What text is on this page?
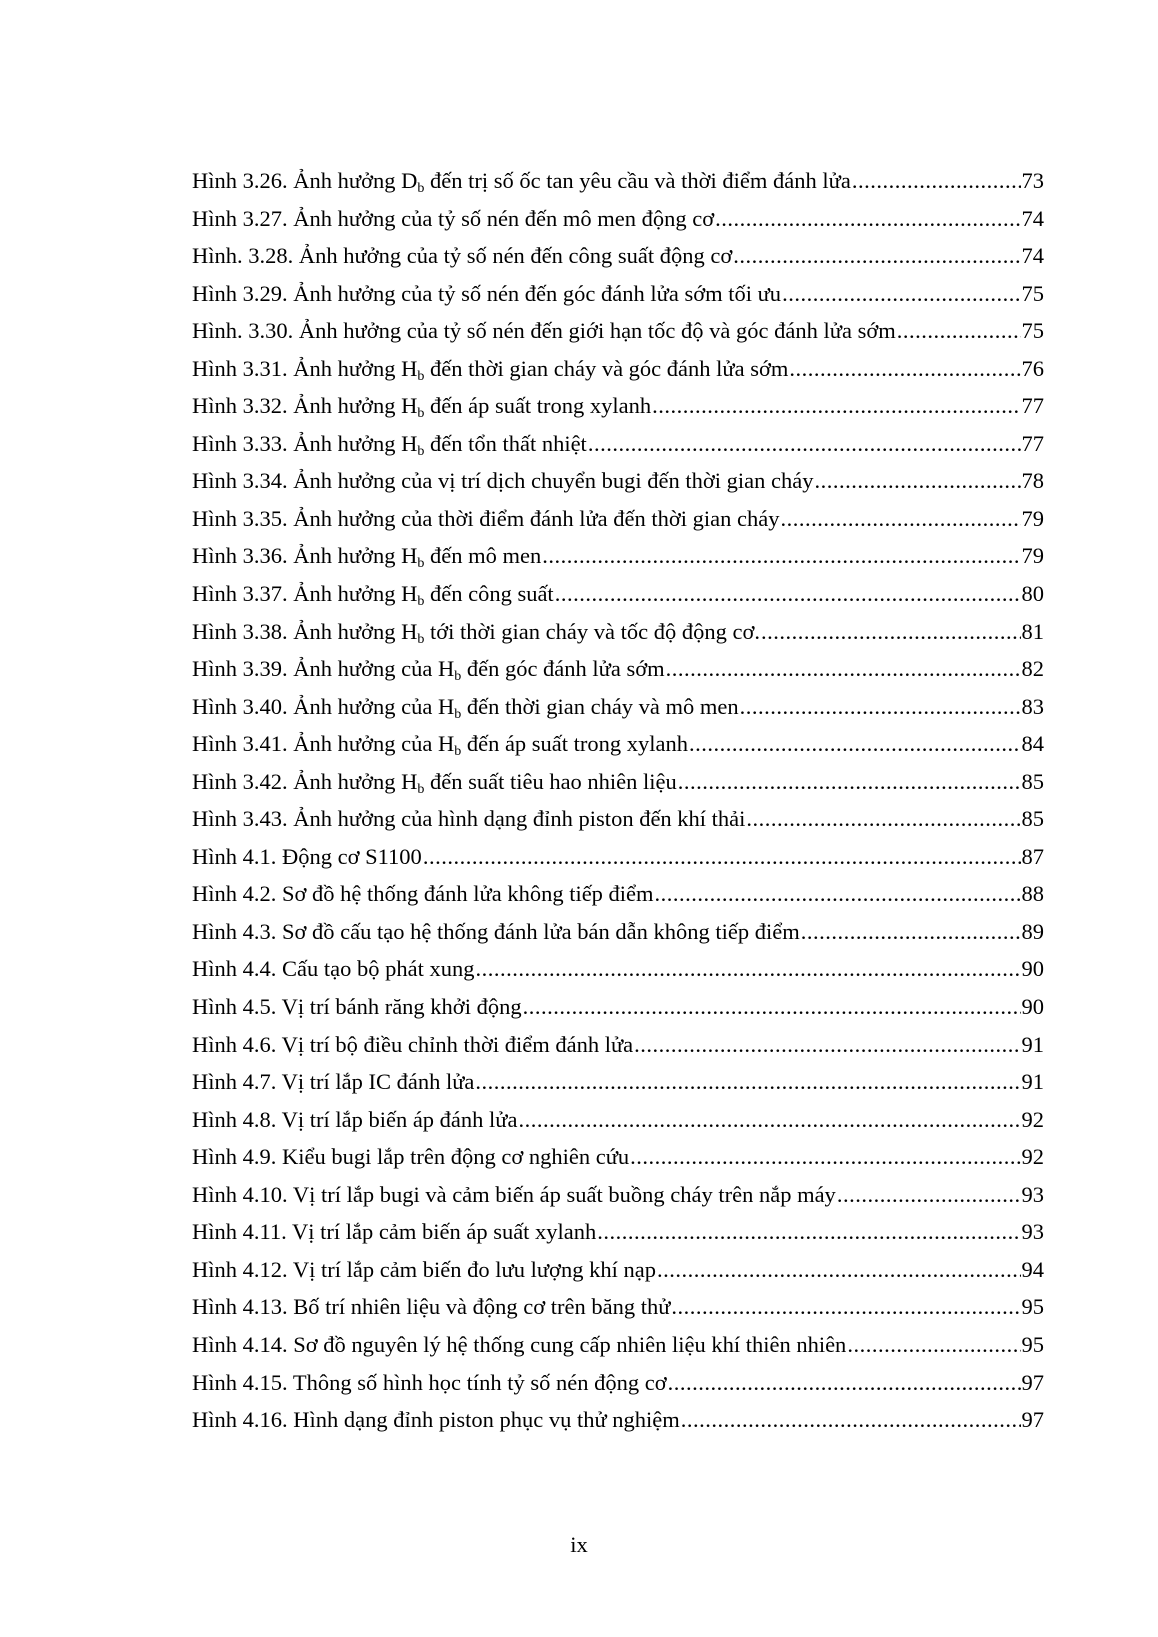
Hình 3.26. Ảnh hưởng $D_b$ đến trị số ốc tan yêu cầu và thời điểm đánh lửa .....	73
Hình 3.27. Ảnh hưởng của tỷ số nén đến mô men động cơ .....	74
Hình. 3.28. Ảnh hưởng của tỷ số nén đến công suất động cơ .....	74
Hình 3.29. Ảnh hưởng của tỷ số nén đến góc đánh lửa sớm tối ưu .....	75
Hình. 3.30. Ảnh hưởng của tỷ số nén đến giới hạn tốc độ và góc đánh lửa sớm .....	75
Hình 3.31. Ảnh hưởng $H_b$ đến thời gian cháy và góc đánh lửa sớm .....	76
Hình 3.32. Ảnh hưởng $H_b$ đến áp suất trong xylanh .....	77
Hình 3.33. Ảnh hưởng $H_b$ đến tổn thất nhiệt .....	77
Hình 3.34. Ảnh hưởng của vị trí dịch chuyển bugi đến thời gian cháy .....	78
Hình 3.35. Ảnh hưởng của thời điểm đánh lửa đến thời gian cháy .....	79
Hình 3.36. Ảnh hưởng $H_b$ đến mô men .....	79
Hình 3.37. Ảnh hưởng $H_b$ đến công suất .....	80
Hình 3.38. Ảnh hưởng $H_b$ tới thời gian cháy và tốc độ động cơ. .....	81
Hình 3.39. Ảnh hưởng của $H_b$ đến góc đánh lửa sớm .....	82
Hình 3.40. Ảnh hưởng của $H_b$ đến thời gian cháy và mô men .....	83
Hình 3.41. Ảnh hưởng của $H_b$ đến áp suất trong xylanh .....	84
Hình 3.42. Ảnh hưởng $H_b$ đến suất tiêu hao nhiên liệu .....	85
Hình 3.43. Ảnh hưởng của hình dạng đỉnh piston đến khí thải .....	85
Hình 4.1. Động cơ S1100 .....	87
Hình 4.2. Sơ đồ hệ thống đánh lửa không tiếp điểm .....	88
Hình 4.3. Sơ đồ cấu tạo hệ thống đánh lửa bán dẫn không tiếp điểm .....	89
Hình 4.4. Cấu tạo bộ phát xung .....	90
Hình 4.5. Vị trí bánh răng khởi động .....	90
Hình 4.6. Vị trí bộ điều chỉnh thời điểm đánh lửa .....	91
Hình 4.7. Vị trí lắp IC đánh lửa .....	91
Hình 4.8. Vị trí lắp biến áp đánh lửa .....	92
Hình 4.9. Kiểu bugi lắp trên động cơ nghiên cứu .....	92
Hình 4.10. Vị trí lắp bugi và cảm biến áp suất buồng cháy trên nắp máy .....	93
Hình 4.11. Vị trí lắp cảm biến áp suất xylanh .....	93
Hình 4.12. Vị trí lắp cảm biến đo lưu lượng khí nạp .....	94
Hình 4.13. Bố trí nhiên liệu và động cơ trên băng thử .....	95
Hình 4.14. Sơ đồ nguyên lý hệ thống cung cấp nhiên liệu khí thiên nhiên .....	95
Hình 4.15. Thông số hình học tính tỷ số nén động cơ .....	97
Hình 4.16. Hình dạng đỉnh piston phục vụ thử nghiệm .....	97
ix
